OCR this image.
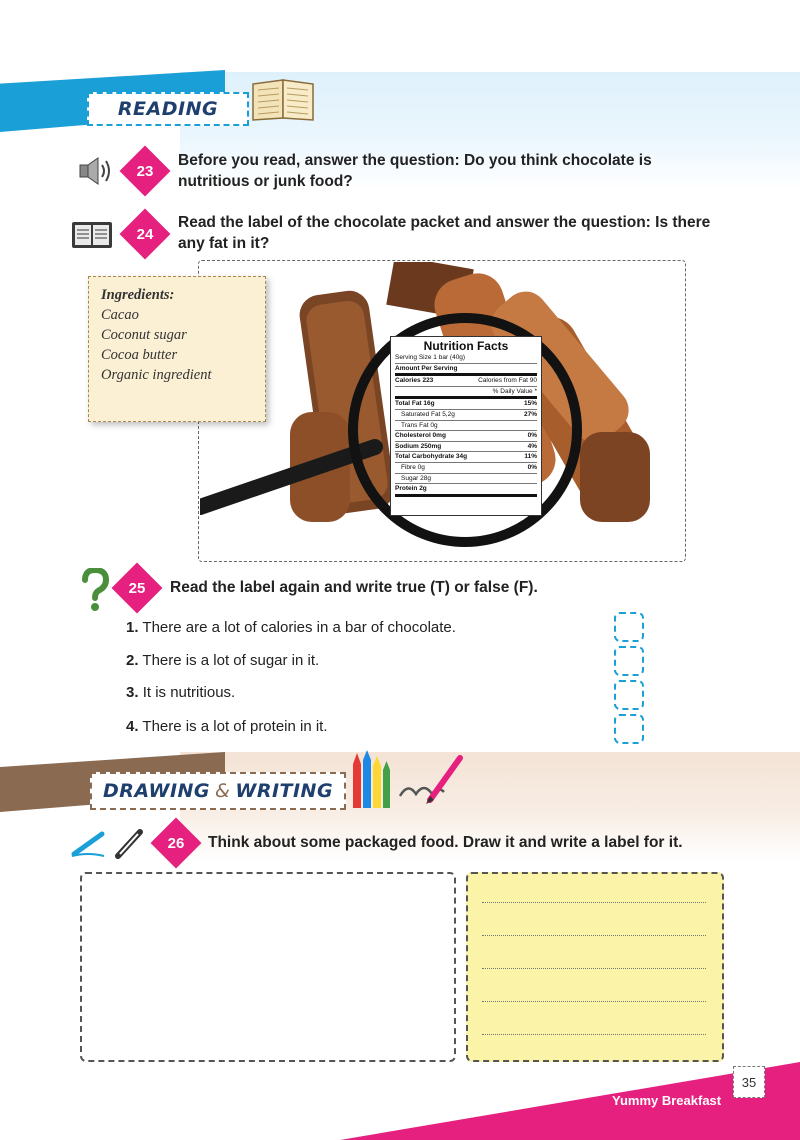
READING
23
Before you read, answer the question: Do you think chocolate is nutritious or junk food?
24
Read the label of the chocolate packet and answer the question: Is there any fat in it?
Nutrition Facts
Serving Size 1 bar (40g)
Amount Per Serving
Calories 223	Calories from Fat 90
% Daily Value *
Total Fat 16g	15%
Saturated Fat 5,2g	27%
Trans Fat 0g
Cholesterol 0mg	0%
Sodium 250mg	4%
Total Carbohydrate 34g	11%
Fibre 0g	0%
Sugar 28g
Protein 2g
Ingredients:
Cacao
Coconut sugar
Cocoa butter
Organic ingredient
25	Read the label again and write true (T) or false (F).
1. There are a lot of calories in a bar of chocolate.
2. There is a lot of sugar in it.
3. It is nutritious.
4. There is a lot of protein in it.
DRAWING & WRITING
26	Think about some packaged food. Draw it and write a label for it.
35
Yummy Breakfast
